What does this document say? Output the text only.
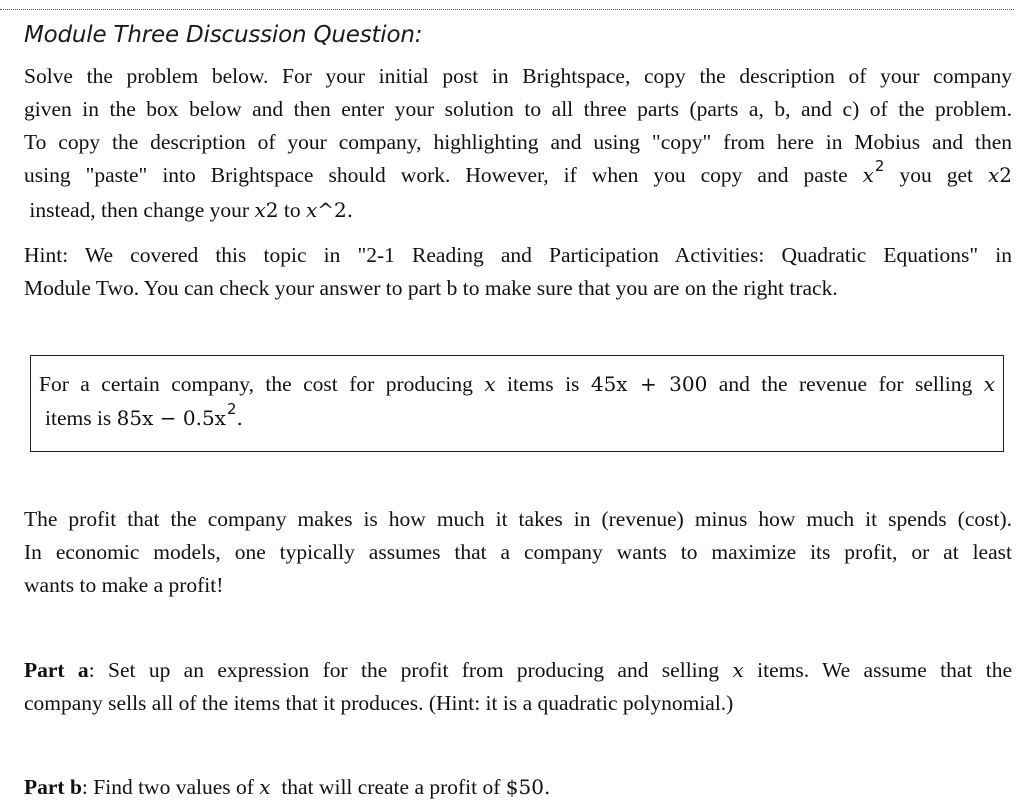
Module Three Discussion Question:
Solve the problem below. For your initial post in Brightspace, copy the description of your company
given in the box below and then enter your solution to all three parts (parts a, b, and c) of the problem.
To copy the description of your company, highlighting and using "copy" from here in Mobius and then
using "paste" into Brightspace should work. However, if when you copy and paste $x^2$ you get x2
instead, then change your x2 to x^2.
Hint: We covered this topic in "2-1 Reading and Participation Activities: Quadratic Equations" in
Module Two. You can check your answer to part b to make sure that you are on the right track.
For a certain company, the cost for producing x items is 45x + 300 and the revenue for selling x
items is $85x - 0.5x^2$.
The profit that the company makes is how much it takes in (revenue) minus how much it spends (cost).
In economic models, one typically assumes that a company wants to maximize its profit, or at least
wants to make a profit!
Part a: Set up an expression for the profit from producing and selling x items. We assume that the
company sells all of the items that it produces. (Hint: it is a quadratic polynomial.)
Part b: Find two values of x that will create a profit of $50.
